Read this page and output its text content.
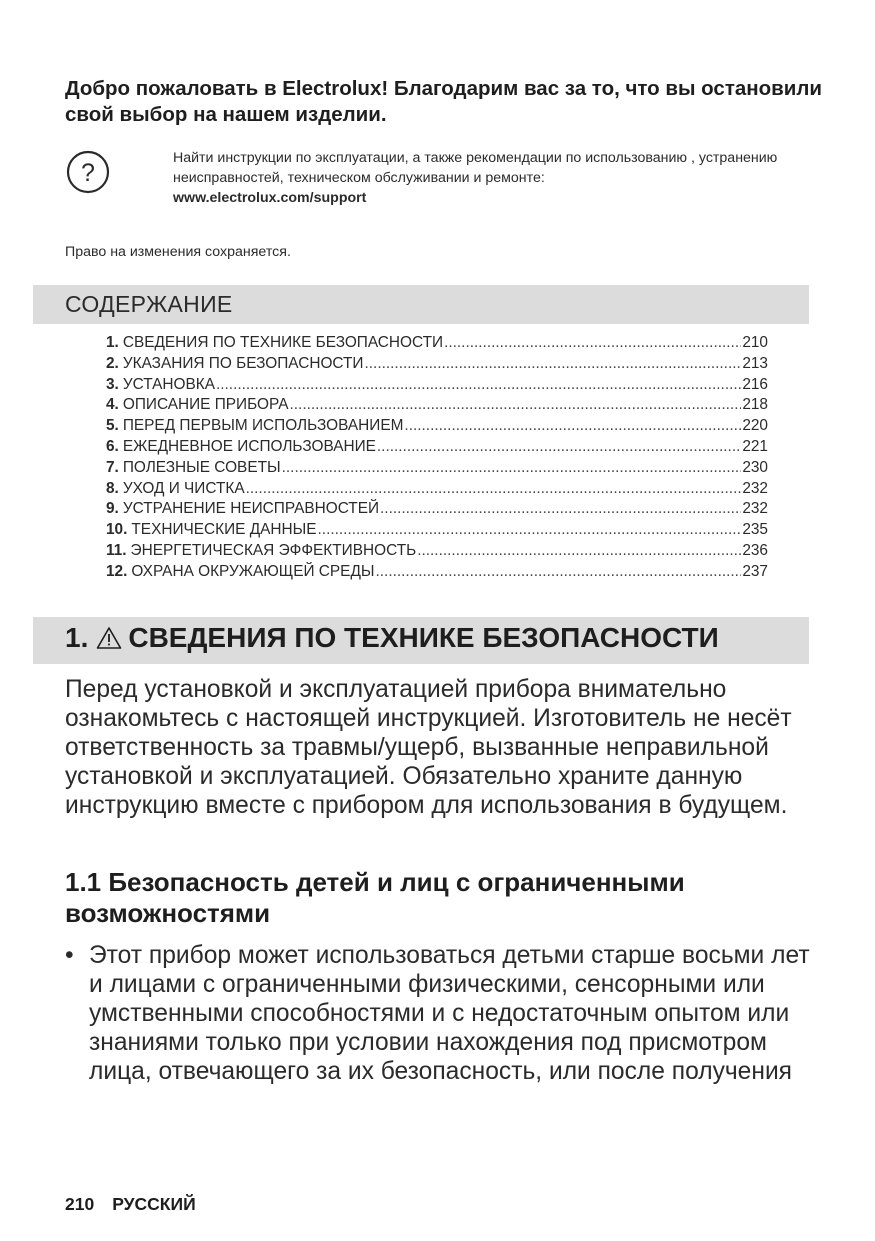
Добро пожаловать в Electrolux! Благодарим вас за то, что вы остановили свой выбор на нашем изделии.
?
Найти инструкции по эксплуатации, а также рекомендации по использованию , устранению неисправностей, техническом обслуживании и ремонте:
www.electrolux.com/support
Право на изменения сохраняется.
СОДЕРЖАНИЕ
1. СВЕДЕНИЯ ПО ТЕХНИКЕ БЕЗОПАСНОСТИ .....	210
2. УКАЗАНИЯ ПО БЕЗОПАСНОСТИ .....	213
3. УСТАНОВКА .....	216
4. ОПИСАНИЕ ПРИБОРА .....	218
5. ПЕРЕД ПЕРВЫМ ИСПОЛЬЗОВАНИЕМ .....	220
6. ЕЖЕДНЕВНОЕ ИСПОЛЬЗОВАНИЕ .....	221
7. ПОЛЕЗНЫЕ СОВЕТЫ .....	230
8. УХОД И ЧИСТКА .....	232
9. УСТРАНЕНИЕ НЕИСПРАВНОСТЕЙ .....	232
10. ТЕХНИЧЕСКИЕ ДАННЫЕ .....	235
11. ЭНЕРГЕТИЧЕСКАЯ ЭФФЕКТИВНОСТЬ .....	236
12. ОХРАНА ОКРУЖАЮЩЕЙ СРЕДЫ .....	237
1. СВЕДЕНИЯ ПО ТЕХНИКЕ БЕЗОПАСНОСТИ
Перед установкой и эксплуатацией прибора внимательно ознакомьтесь с настоящей инструкцией. Изготовитель не несёт ответственность за травмы/ущерб, вызванные неправильной установкой и эксплуатацией. Обязательно храните данную инструкцию вместе с прибором для использования в будущем.
1.1 Безопасность детей и лиц с ограниченными возможностями
• Этот прибор может использоваться детьми старше восьми лет и лицами с ограниченными физическими, сенсорными или умственными способностями и с недостаточным опытом или знаниями только при условии нахождения под присмотром лица, отвечающего за их безопасность, или после получения
210 РУССКИЙ
